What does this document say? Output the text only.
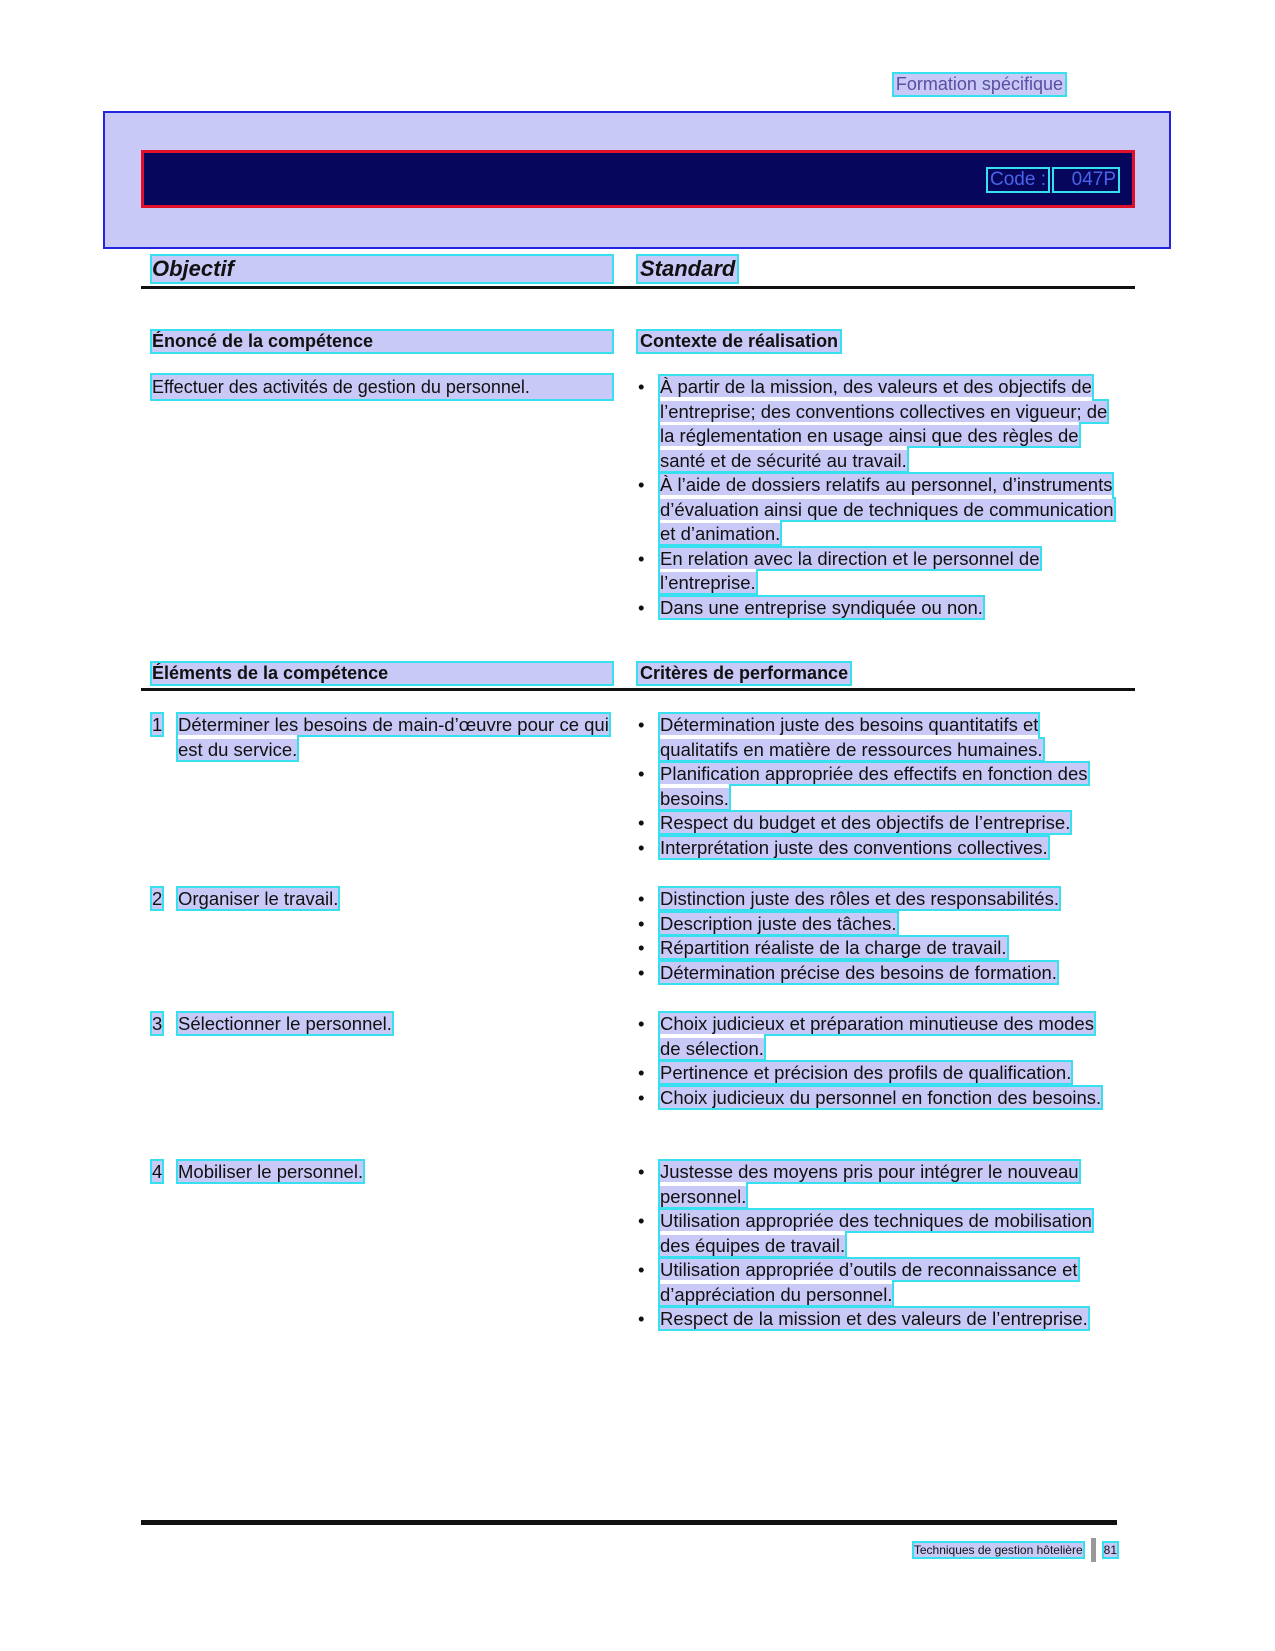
Formation spécifique
Code :	047P
Objectif	Standard
Énoncé de la compétence	Contexte de réalisation
Effectuer des activités de gestion du personnel.	• À partir de la mission, des valeurs et des objectifs de l’entreprise; des conventions collectives en vigueur; de la réglementation en usage ainsi que des règles de santé et de sécurité au travail.
• À l’aide de dossiers relatifs au personnel, d’instruments d’évaluation ainsi que de techniques de communication et d’animation.
• En relation avec la direction et le personnel de l’entreprise.
• Dans une entreprise syndiquée ou non.
Éléments de la compétence	Critères de performance
1 Déterminer les besoins de main-d’œuvre pour ce qui est du service.
• Détermination juste des besoins quantitatifs et qualitatifs en matière de ressources humaines.
• Planification appropriée des effectifs en fonction des besoins.
• Respect du budget et des objectifs de l’entreprise.
• Interprétation juste des conventions collectives.
2 Organiser le travail.	• Distinction juste des rôles et des responsabilités.
• Description juste des tâches.
• Répartition réaliste de la charge de travail.
• Détermination précise des besoins de formation.
3 Sélectionner le personnel.	• Choix judicieux et préparation minutieuse des modes de sélection.
• Pertinence et précision des profils de qualification.
• Choix judicieux du personnel en fonction des besoins.
4 Mobiliser le personnel.	• Justesse des moyens pris pour intégrer le nouveau personnel.
• Utilisation appropriée des techniques de mobilisation des équipes de travail.
• Utilisation appropriée d’outils de reconnaissance et d’appréciation du personnel.
• Respect de la mission et des valeurs de l’entreprise.
Techniques de gestion hôtelière 81
